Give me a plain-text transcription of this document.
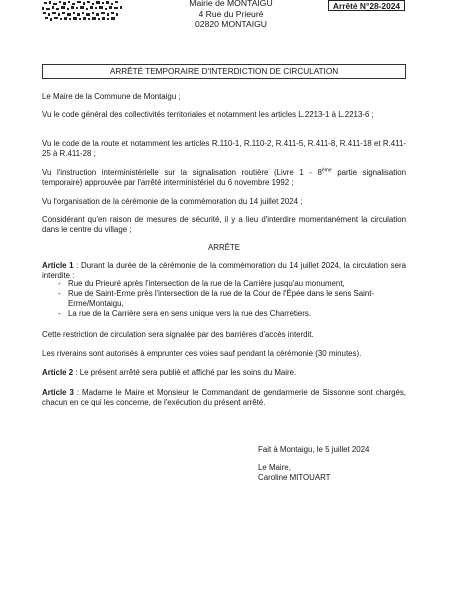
Mairie de MONTAIGU
4 Rue du Prieuré
02820 MONTAIGU
Arrêté N°28-2024
ARRÊTÉ TEMPORAIRE D'INTERDICTION DE CIRCULATION

Le Maire de la Commune de Montaigu ;

Vu le code général des collectivités territoriales et notamment les articles L.2213-1 à L.2213-6 ;

Vu le code de la route et notamment les articles R.110-1, R.110-2, R.411-5, R.411-8, R.411-18 et R.411-25 à R.411-28 ;

Vu l'instruction interministérielle sur la signalisation routière (Livre 1 - 8ème partie signalisation temporaire) approuvée par l'arrêté interministériel du 6 novembre 1992 ;

Vu l'organisation de la cérémonie de la commémoration du 14 juillet 2024 ;

Considérant qu'en raison de mesures de sécurité, il y a lieu d'interdire momentanément la circulation dans le centre du village ;

ARRÊTE

Article 1 : Durant la durée de la cérémonie de la commémoration du 14 juillet 2024, la circulation sera interdite :

- Rue du Prieuré après l'intersection de la rue de la Carrière jusqu'au monument,
- Rue de Saint-Erme près l'intersection de la rue de la Cour de l'Épée dans le sens Saint-Erme/Montaigu,
- La rue de la Carrière sera en sens unique vers la rue des Charretiers.

Cette restriction de circulation sera signalée par des barrières d'accès interdit.

Les riverains sont autorisés à emprunter ces voies sauf pendant la cérémonie (30 minutes).

Article 2 : Le présent arrêté sera publié et affiché par les soins du Maire.

Article 3 : Madame le Maire et Monsieur le Commandant de gendarmerie de Sissonne sont chargés, chacun en ce qui les concerne, de l'exécution du présent arrêté.

Fait à Montaigu, le 5 juillet 2024
Le Maire,
Caroline MITOUART
